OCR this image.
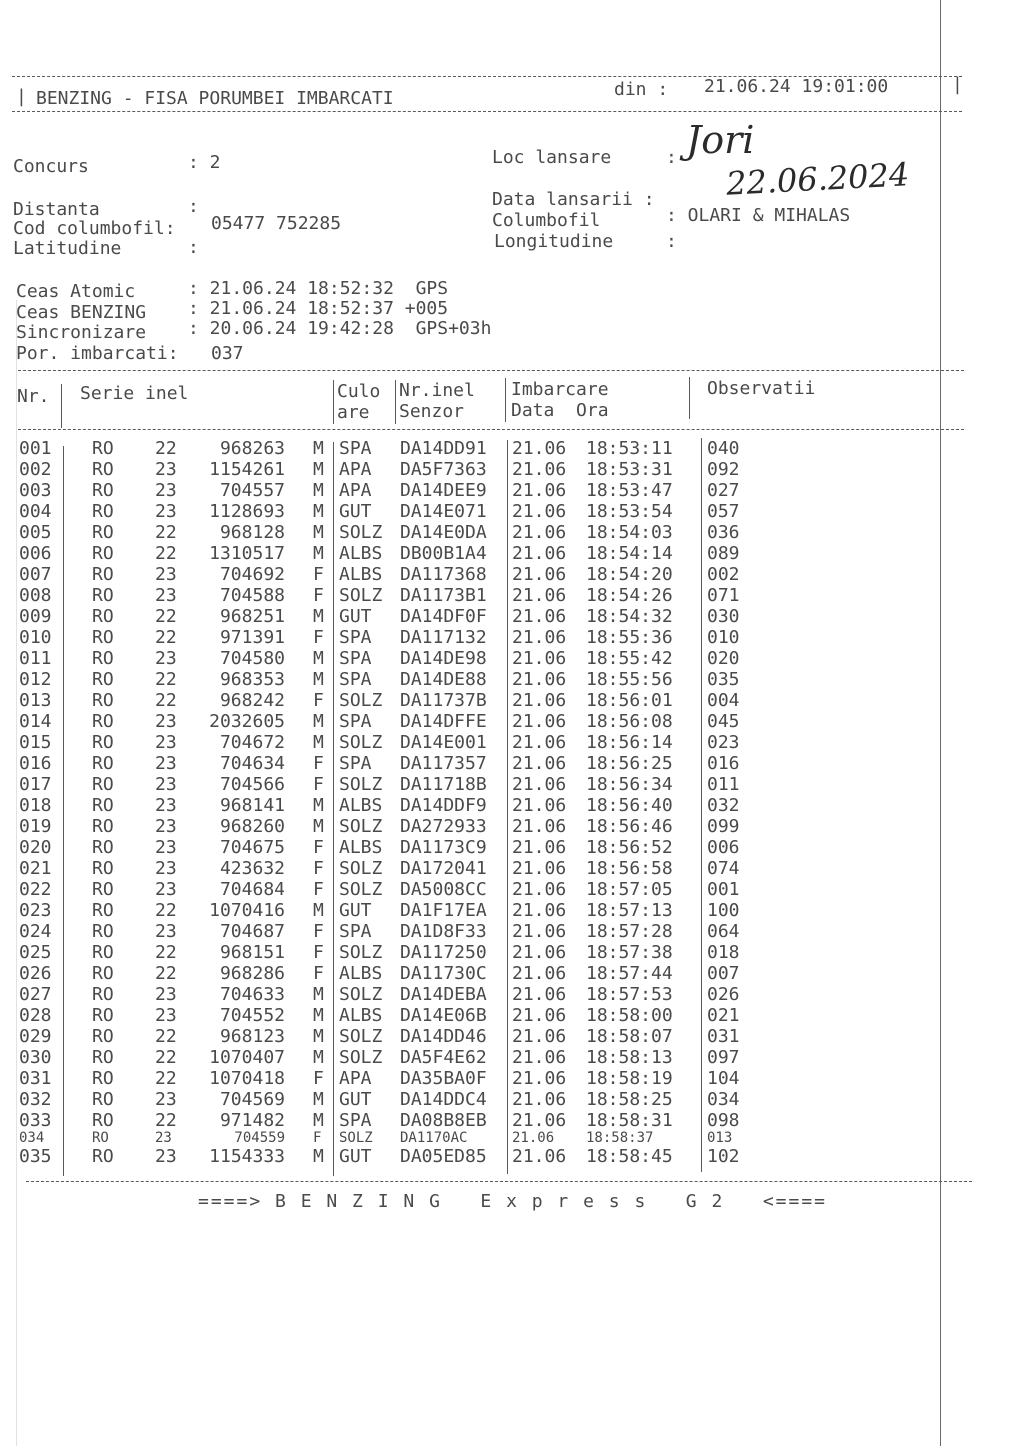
| BENZING - FISA PORUMBEI IMBARCATI	din : 21.06.24 19:01:00	|
Concurs	: 2	Loc lansare	: Jori
Distanta	:	Data lansarii : 22.06.2024
Cod columbofil: 05477 752285	Columbofil	: OLARI & MIHALAS
Latitudine	:	Longitudine	:
Ceas Atomic	: 21.06.24 18:52:32  GPS
Ceas BENZING : 21.06.24 18:52:37 +005
Sincronizare : 20.06.24 19:42:28  GPS+03h
Por. imbarcati: 037
Nr. Serie inel	Culo
are
Nr.inel
Senzor
Imbarcare
Data  Ora
Observatii
001 RO 22	968263 M SPA DA14DD91 21.06 18:53:11 040
002 RO 23	1154261 M APA DA5F7363 21.06 18:53:31 092
003 RO 23	704557 M APA DA14DEE9 21.06 18:53:47 027
004 RO 23	1128693 M GUT DA14E071 21.06 18:53:54 057
005 RO 22	968128 M SOLZ DA14E0DA 21.06 18:54:03 036
006 RO 22	1310517 M ALBS DB00B1A4 21.06 18:54:14 089
007 RO 23	704692 F ALBS DA117368 21.06 18:54:20 002
008 RO 23	704588 F SOLZ DA1173B1 21.06 18:54:26 071
009 RO 22	968251 M GUT DA14DF0F 21.06 18:54:32 030
010 RO 22	971391 F SPA DA117132 21.06 18:55:36 010
011 RO 23	704580 M SPA DA14DE98 21.06 18:55:42 020
012 RO 22	968353 M SPA DA14DE88 21.06 18:55:56 035
013 RO 22	968242 F SOLZ DA11737B 21.06 18:56:01 004
014 RO 23	2032605 M SPA DA14DFFE 21.06 18:56:08 045
015 RO 23	704672 M SOLZ DA14E001 21.06 18:56:14 023
016 RO 23	704634 F SPA DA117357 21.06 18:56:25 016
017 RO 23	704566 F SOLZ DA11718B 21.06 18:56:34 011
018 RO 23	968141 M ALBS DA14DDF9 21.06 18:56:40 032
019 RO 23	968260 M SOLZ DA272933 21.06 18:56:46 099
020 RO 23	704675 F ALBS DA1173C9 21.06 18:56:52 006
021 RO 23	423632 F SOLZ DA172041 21.06 18:56:58 074
022 RO 23	704684 F SOLZ DA5008CC 21.06 18:57:05 001
023 RO 22	1070416 M GUT DA1F17EA 21.06 18:57:13 100
024 RO 23	704687 F SPA DA1D8F33 21.06 18:57:28 064
025 RO 22	968151 F SOLZ DA117250 21.06 18:57:38 018
026 RO 22	968286 F ALBS DA11730C 21.06 18:57:44 007
027 RO 23	704633 M SOLZ DA14DEBA 21.06 18:57:53 026
028 RO 23	704552 M ALBS DA14E06B 21.06 18:58:00 021
029 RO 22	968123 M SOLZ DA14DD46 21.06 18:58:07 031
030 RO 22	1070407 M SOLZ DA5F4E62 21.06 18:58:13 097
031 RO 22	1070418 F APA DA35BA0F 21.06 18:58:19 104
032 RO 23	704569 M GUT DA14DDC4 21.06 18:58:25 034
033 RO 22	971482 M SPA DA08B8EB 21.06 18:58:31 098
034	RO	23	704559 F SOLZ DA1170AC	21.06 18:58:37	013
035 RO 23	1154333 M GUT DA05ED85 21.06 18:58:45 102
====> B E N Z I N G   E x p r e s s   G 2   <====
